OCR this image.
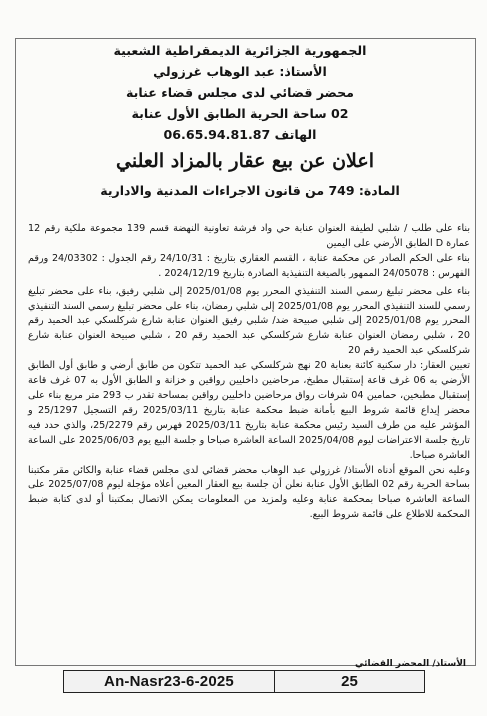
الجمهورية الجزائرية الديمقراطية الشعبية
الأستاذ: عبد الوهاب غرزولي
محضر قضائي لدى مجلس قضاء عنابة
02 ساحة الحرية الطابق الأول عنابة
الهاتف 06.65.94.81.87
اعلان عن بيع عقار بالمزاد العلني
المادة: 749 من قانون الاجراءات المدنية والادارية

بناء على طلب / شلبي لطيفة العنوان عنابة حي واد فرشة تعاونية النهضة قسم 139 مجموعة ملكية رقم 12 عمارة D الطابق الأرضي على اليمين

بناء على الحكم الصادر عن محكمة عنابة ، القسم العقاري بتاريخ : 24/10/31 رقم الجدول : 24/03302 ورقم الفهرس : 24/05078 الممهور بالصيغة التنفيذية الصادرة بتاريخ 2024/12/19 .

بناء على محضر تبليغ رسمي السند التنفيذي المحرر يوم 2025/01/08 إلى شلبي رفيق، بناء على محضر تبليغ رسمي للسند التنفيذي المحرر يوم 2025/01/08 إلى شلبي رمضان، بناء على محضر تبليغ رسمي السند التنفيذي المحرر يوم 2025/01/08 إلى شلبي صبيحة ضد/ شلبي رفيق العنوان عنابة شارع شركلسكي عبد الحميد رقم 20 ، شلبي رمضان العنوان عنابة شارع شركلسكي عبد الحميد رقم 20 ، شلبي صبيحة العنوان عنابة شارع شركلسكي عبد الحميد رقم 20

تعيين العقار: دار سكنية كائنة بعنابة 20 نهج شركلسكي عبد الحميد تتكون من طابق أرضي و طابق أول الطابق الأرضي به 06 غرف قاعة إستقبال مطبخ، مرحاضين داخليين رواقين و خزانة و الطابق الأول به 07 غرف قاعة إستقبال مطبخين، حمامين 04 شرفات رواق مرحاضين داخليين رواقين بمساحة تقدر ب 293 متر مربع بناء على محضر إيداع قائمة شروط البيع بأمانة ضبط محكمة عنابة بتاريخ 2025/03/11 رقم التسجيل 25/1297 و المؤشر عليه من طرف السيد رئيس محكمة عنابة بتاريخ 2025/03/11 فهرس رقم 25/2279، والذي حدد فيه تاريخ جلسة الاعتراضات ليوم 2025/04/08 الساعة العاشرة صباحا و جلسة البيع يوم 2025/06/03 على الساعة العاشرة صباحا.

وعليه نحن الموقع أدناه الأستاذ/ غرزولي عبد الوهاب محضر قضائي لدى مجلس قضاء عنابة والكائن مقر مكتبنا بساحة الحرية رقم 02 الطابق الأول عنابة نعلن أن جلسة بيع العقار المعين أعلاه مؤجلة ليوم 2025/07/08 على الساعة العاشرة صباحا بمحكمة عنابة وعليه ولمزيد من المعلومات يمكن الاتصال بمكتبنا أو لدى كتابة ضبط المحكمة للاطلاع على قائمة شروط البيع.

الأستاذ/ المحضر القضائي
An-Nasr23-6-2025	25
